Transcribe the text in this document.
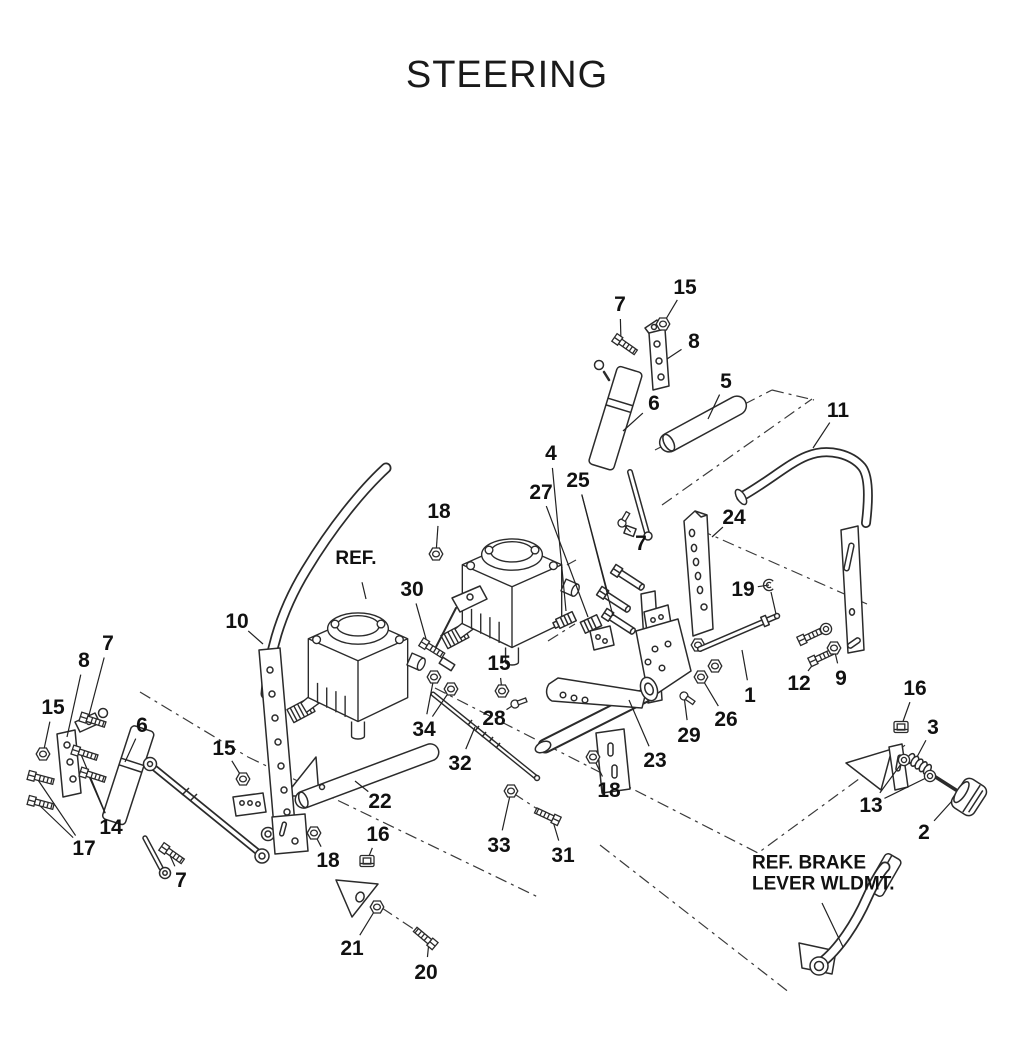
STEERING
15
7
8
5
11
6
4
25
27
18
REF.
7
24
30
10
19
8
7
15
6
15
28
34
1
12 9
26
29
23
16
3
32
15
22	18
13
2
14
17	33 31
18
16
7
21
20
REF. BRAKE LEVER WLDMT.
